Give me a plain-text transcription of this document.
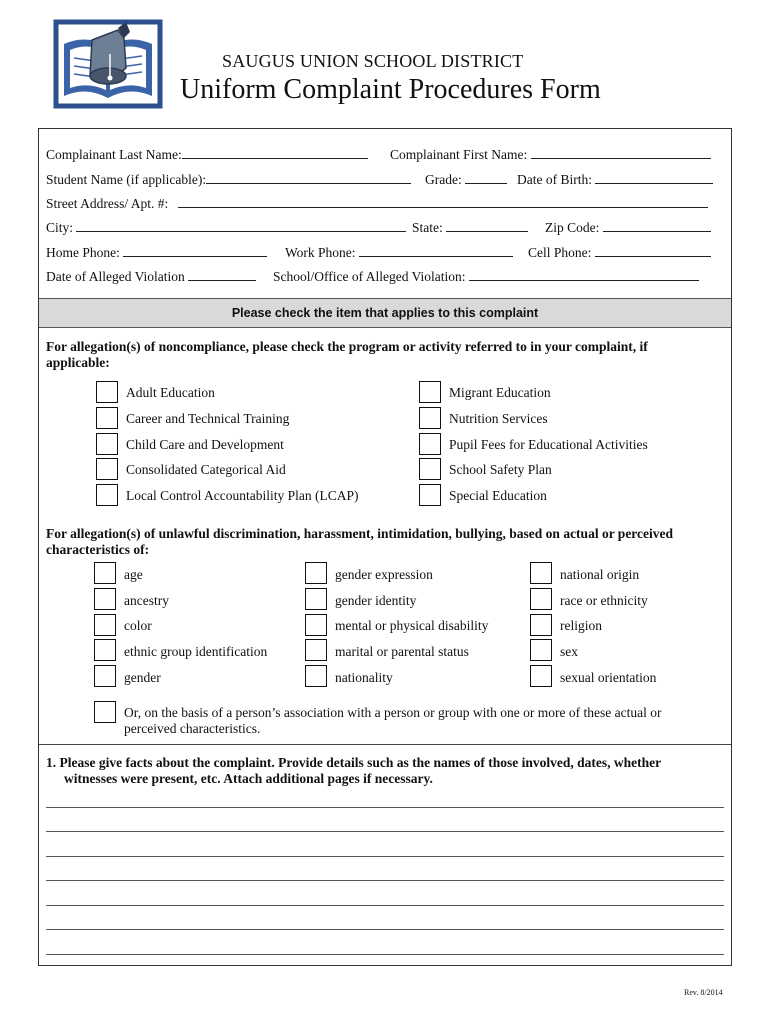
SAUGUS UNION SCHOOL DISTRICT
Uniform Complaint Procedures Form
Complainant Last Name:	Complainant First Name:
Student Name (if applicable):	Grade:	Date of Birth:
Street Address/ Apt. #:
City:	State:	Zip Code:
Home Phone:	Work Phone:	Cell Phone:
Date of Alleged Violation	School/Office of Alleged Violation:
Please check the item that applies to this complaint
For allegation(s) of noncompliance, please check the program or activity referred to in your complaint, if
applicable:
Adult Education
Career and Technical Training
Child Care and Development
Consolidated Categorical Aid
Local Control Accountability Plan (LCAP)
Migrant Education
Nutrition Services
Pupil Fees for Educational Activities
School Safety Plan
Special Education
For allegation(s) of unlawful discrimination, harassment, intimidation, bullying, based on actual or perceived
characteristics of:
age
ancestry
color
ethnic group identification
gender
gender expression
gender identity
mental or physical disability
marital or parental status
nationality
national origin
race or ethnicity
religion
sex
sexual orientation
Or, on the basis of a person’s association with a person or group with one or more of these actual or
perceived characteristics.
1. Please give facts about the complaint. Provide details such as the names of those involved, dates, whether
witnesses were present, etc. Attach additional pages if necessary.
Rev. 8/2014
